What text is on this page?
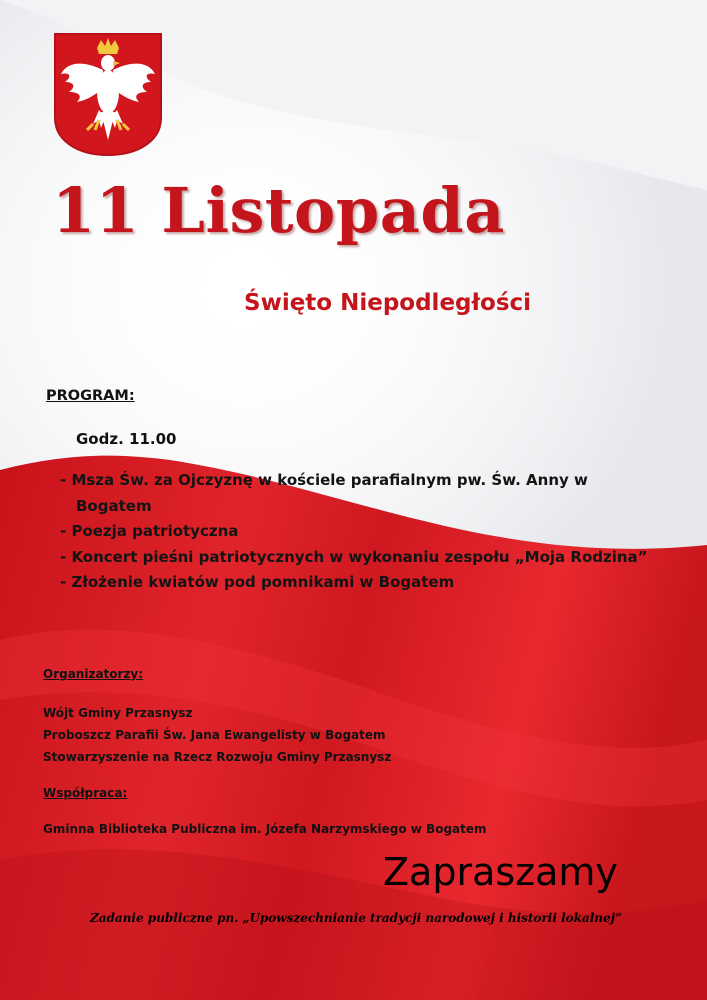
11 Listopada
Święto Niepodległości
PROGRAM:
Godz. 11.00
- Msza Św. za Ojczyznę w kościele parafialnym pw. Św. Anny w Bogatem
- Poezja patriotyczna
- Koncert pieśni patriotycznych w wykonaniu zespołu „Moja Rodzina”
- Złożenie kwiatów pod pomnikami w Bogatem
Organizatorzy:
Wójt Gminy Przasnysz
Proboszcz Parafii Św. Jana Ewangelisty w Bogatem
Stowarzyszenie na Rzecz Rozwoju Gminy Przasnysz
Współpraca:
Gminna Biblioteka Publiczna im. Józefa Narzymskiego w Bogatem
Zapraszamy
Zadanie publiczne pn. „Upowszechnianie tradycji narodowej i historii lokalnej”
